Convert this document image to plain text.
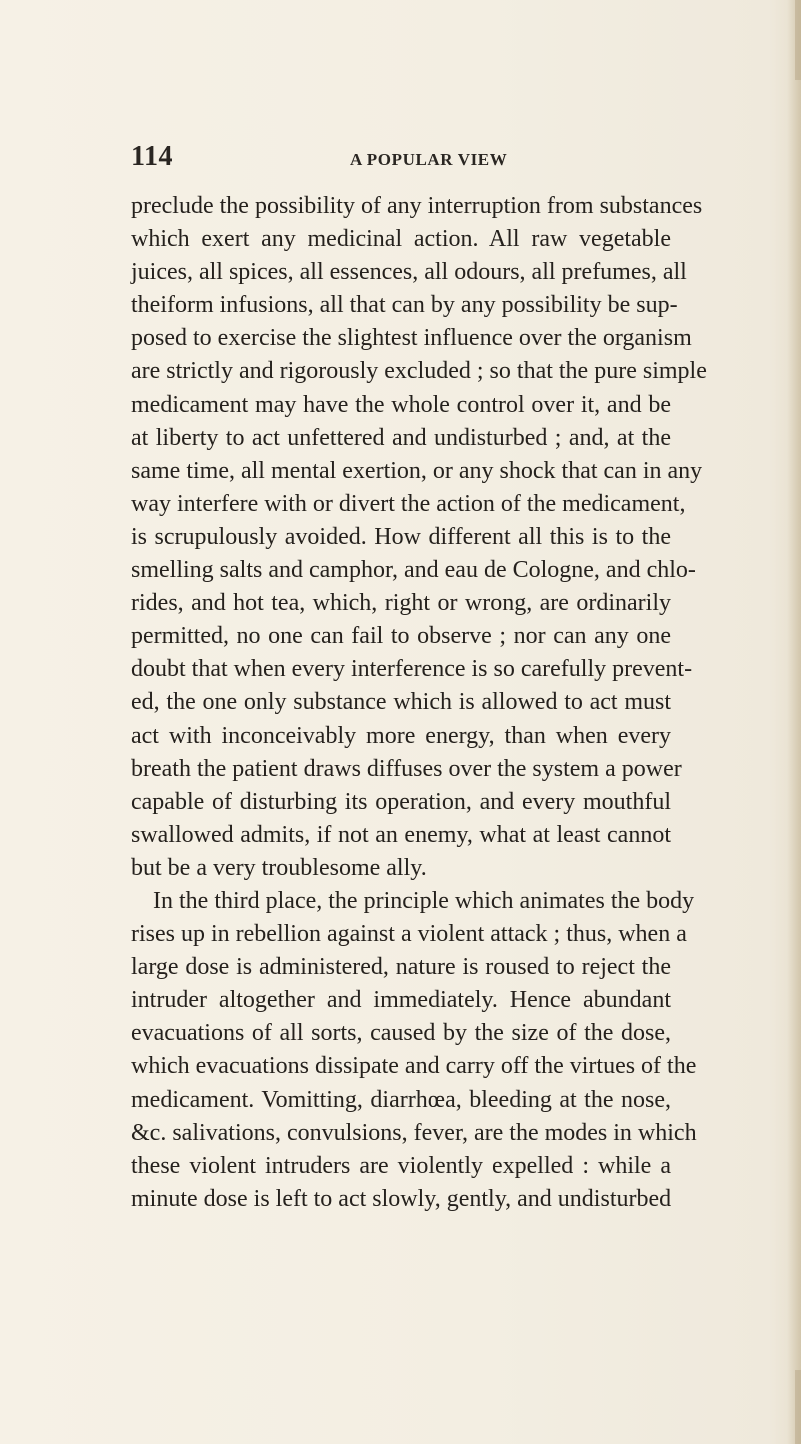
114	A POPULAR VIEW
preclude the possibility of any interruption from substances
which exert any medicinal action. All raw vegetable
juices, all spices, all essences, all odours, all prefumes, all
theiform infusions, all that can by any possibility be sup-
posed to exercise the slightest influence over the organism
are strictly and rigorously excluded ; so that the pure simple
medicament may have the whole control over it, and be
at liberty to act unfettered and undisturbed ; and, at the
same time, all mental exertion, or any shock that can in any
way interfere with or divert the action of the medicament,
is scrupulously avoided. How different all this is to the
smelling salts and camphor, and eau de Cologne, and chlo-
rides, and hot tea, which, right or wrong, are ordinarily
permitted, no one can fail to observe ; nor can any one
doubt that when every interference is so carefully prevent-
ed, the one only substance which is allowed to act must
act with inconceivably more energy, than when every
breath the patient draws diffuses over the system a power
capable of disturbing its operation, and every mouthful
swallowed admits, if not an enemy, what at least cannot
but be a very troublesome ally.
In the third place, the principle which animates the body
rises up in rebellion against a violent attack ; thus, when a
large dose is administered, nature is roused to reject the
intruder altogether and immediately. Hence abundant
evacuations of all sorts, caused by the size of the dose,
which evacuations dissipate and carry off the virtues of the
medicament. Vomitting, diarrhœa, bleeding at the nose,
&c. salivations, convulsions, fever, are the modes in which
these violent intruders are violently expelled : while a
minute dose is left to act slowly, gently, and undisturbed
